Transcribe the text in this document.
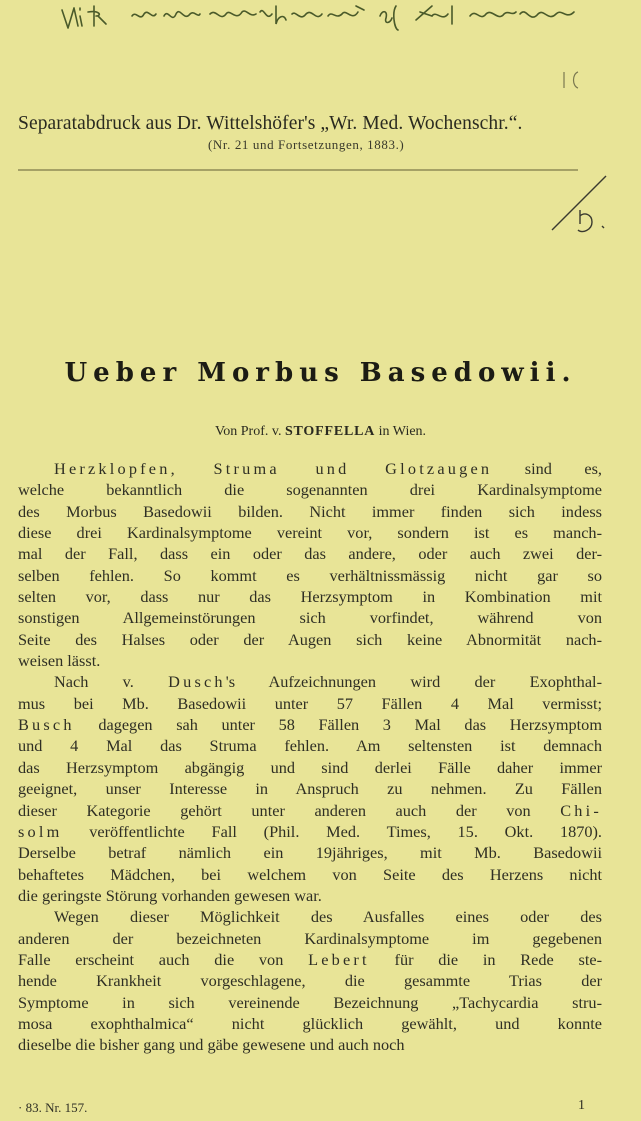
Separatabdruck aus Dr. Wittelshöfer's „Wr. Med. Wochenschr.“.
(Nr. 21 und Fortsetzungen, 1883.)
Ueber Morbus Basedowii.
Von Prof. v. STOFFELLA in Wien.
Herzklopfen, Struma und Glotzaugen sind es,
welche bekanntlich die sogenannten drei Kardinalsymptome
des Morbus Basedowii bilden. Nicht immer finden sich indess
diese drei Kardinalsymptome vereint vor, sondern ist es manch-
mal der Fall, dass ein oder das andere, oder auch zwei der-
selben fehlen. So kommt es verhältnissmässig nicht gar so
selten vor, dass nur das Herzsymptom in Kombination mit
sonstigen Allgemeinstörungen sich vorfindet, während von
Seite des Halses oder der Augen sich keine Abnormität nach-
weisen lässt.
Nach v. Dusch's Aufzeichnungen wird der Exophthal-
mus bei Mb. Basedowii unter 57 Fällen 4 Mal vermisst;
Busch dagegen sah unter 58 Fällen 3 Mal das Herzsymptom
und 4 Mal das Struma fehlen. Am seltensten ist demnach
das Herzsymptom abgängig und sind derlei Fälle daher immer
geeignet, unser Interesse in Anspruch zu nehmen. Zu Fällen
dieser Kategorie gehört unter anderen auch der von Chi-
solm veröffentlichte Fall (Phil. Med. Times, 15. Okt. 1870).
Derselbe betraf nämlich ein 19jähriges, mit Mb. Basedowii
behaftetes Mädchen, bei welchem von Seite des Herzens nicht
die geringste Störung vorhanden gewesen war.
Wegen dieser Möglichkeit des Ausfalles eines oder des
anderen der bezeichneten Kardinalsymptome im gegebenen
Falle erscheint auch die von Lebert für die in Rede ste-
hende Krankheit vorgeschlagene, die gesammte Trias der
Symptome in sich vereinende Bezeichnung „Tachycardia stru-
mosa exophthalmica“ nicht glücklich gewählt, und konnte
dieselbe die bisher gang und gäbe gewesene und auch noch
· 83. Nr. 157.	1
